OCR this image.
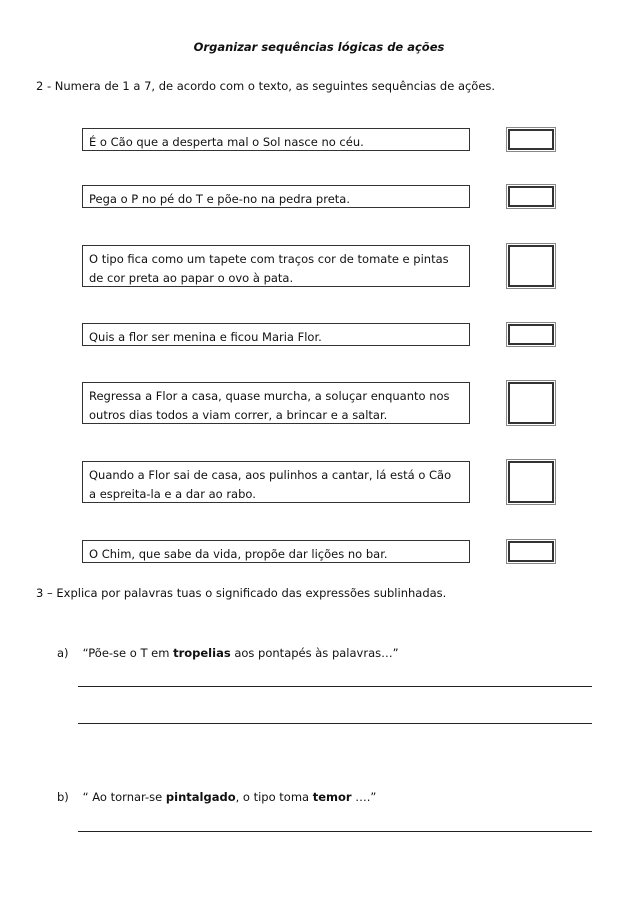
Organizar sequências lógicas de ações
2 - Numera de 1 a 7, de acordo com o texto, as seguintes sequências de ações.
É o Cão que a desperta mal o Sol nasce no céu.
Pega o P no pé do T e põe-no na pedra preta.
O tipo fica como um tapete com traços cor de tomate e pintas
de cor preta ao papar o ovo à pata.
Quis a flor ser menina e ficou Maria Flor.
Regressa a Flor a casa, quase murcha, a soluçar enquanto nos
outros dias todos a viam correr, a brincar e a saltar.
Quando a Flor sai de casa, aos pulinhos a cantar, lá está o Cão
a espreita-la e a dar ao rabo.
O Chim, que sabe da vida, propõe dar lições no bar.
3 – Explica por palavras tuas o significado das expressões sublinhadas.
a) “Põe-se o T em tropelias aos pontapés às palavras…”
b) “ Ao tornar-se pintalgado, o tipo toma temor ….”
